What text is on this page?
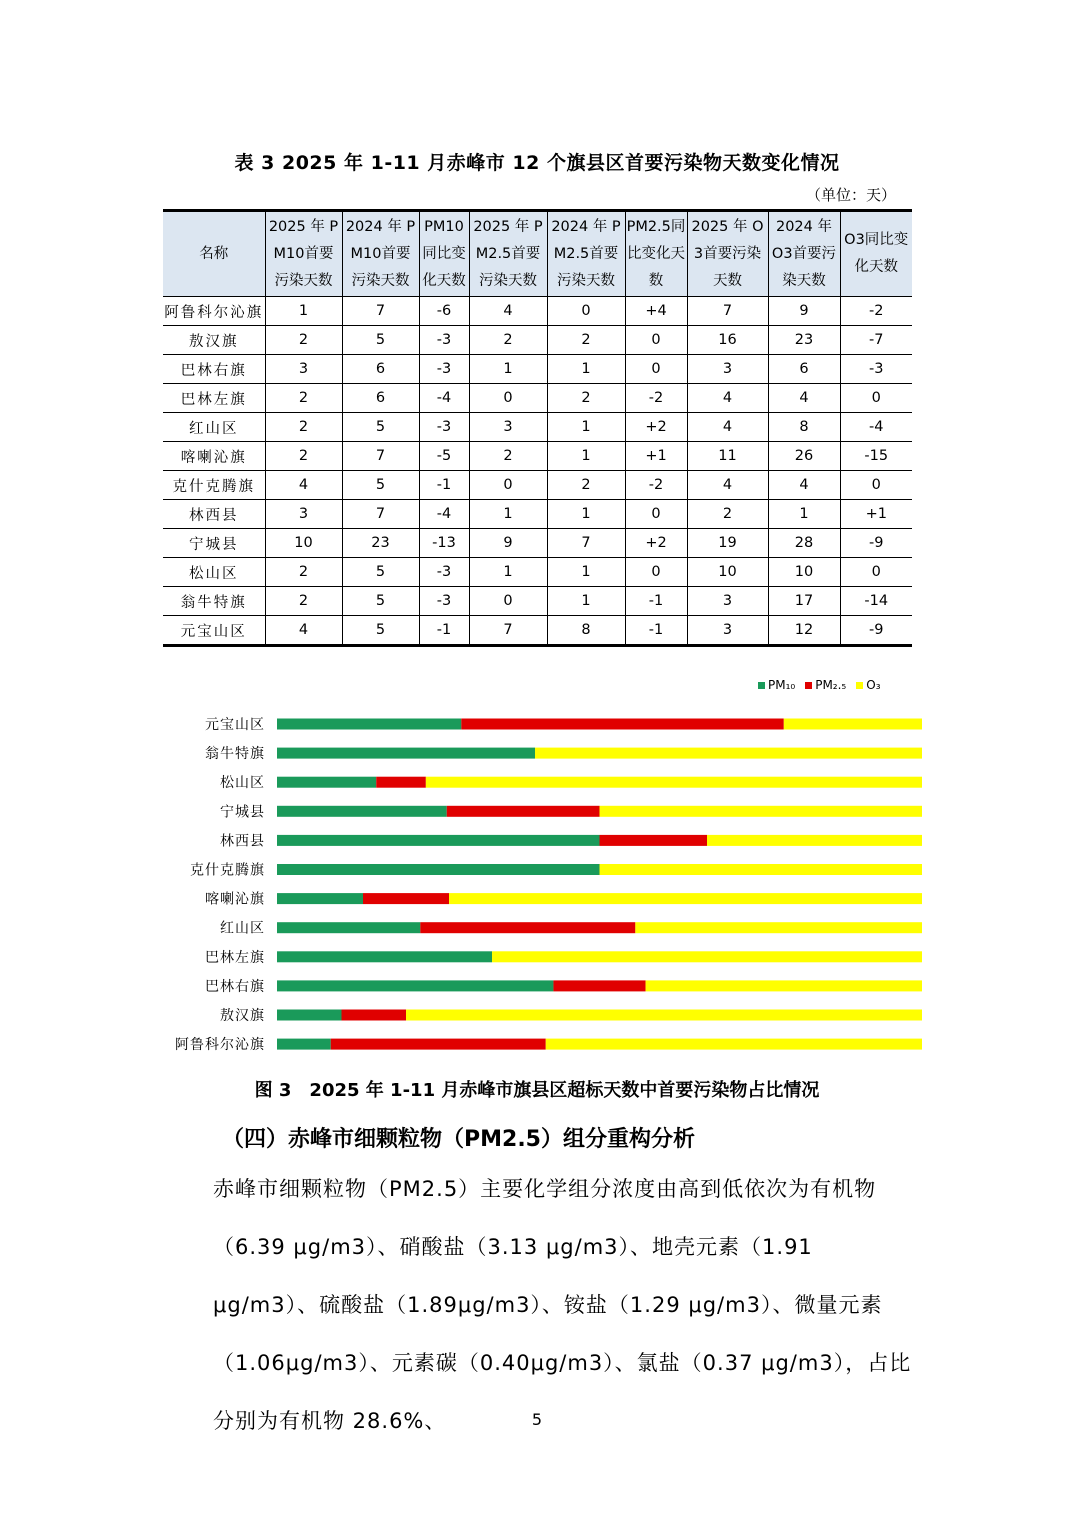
表 3 2025 年 1-11 月赤峰市 12 个旗县区首要污染物天数变化情况
（单位：天）
名称	2025 年 PM10首要污染天数	2024 年 PM10首要污染天数	PM10同比变化天数	2025 年 PM2.5首要污染天数	2024 年 PM2.5首要污染天数	PM2.5同比变化天数	2025 年 O3首要污染天数	2024 年 O3首要污染天数	O3同比变化天数
阿鲁科尔沁旗	1	7	-6	4	0	+4	7	9	-2
敖汉旗	2	5	-3	2	2	0	16	23	-7
巴林右旗	3	6	-3	1	1	0	3	6	-3
巴林左旗	2	6	-4	0	2	-2	4	4	0
红山区	2	5	-3	3	1	+2	4	8	-4
喀喇沁旗	2	7	-5	2	1	+1	11	26	-15
克什克腾旗	4	5	-1	0	2	-2	4	4	0
林西县	3	7	-4	1	1	0	2	1	+1
宁城县	10	23	-13	9	7	+2	19	28	-9
松山区	2	5	-3	1	1	0	10	10	0
翁牛特旗	2	5	-3	0	1	-1	3	17	-14
元宝山区	4	5	-1	7	8	-1	3	12	-9
PM₁₀ PM₂.₅ O₃
元宝山区
翁牛特旗
松山区
宁城县
林西县
克什克腾旗
喀喇沁旗
红山区
巴林左旗
巴林右旗
敖汉旗
阿鲁科尔沁旗
图 3　2025 年 1-11 月赤峰市旗县区超标天数中首要污染物占比情况
（四）赤峰市细颗粒物（PM2.5）组分重构分析

赤峰市细颗粒物（PM2.5）主要化学组分浓度由高到低依次为有机物（6.39 μg/m3）、硝酸盐（3.13 μg/m3）、地壳元素（1.91 μg/m3）、硫酸盐（1.89μg/m3）、铵盐（1.29 μg/m3）、微量元素（1.06μg/m3）、元素碳（0.40μg/m3）、氯盐（0.37 μg/m3），占比分别为有机物 28.6%、	5
